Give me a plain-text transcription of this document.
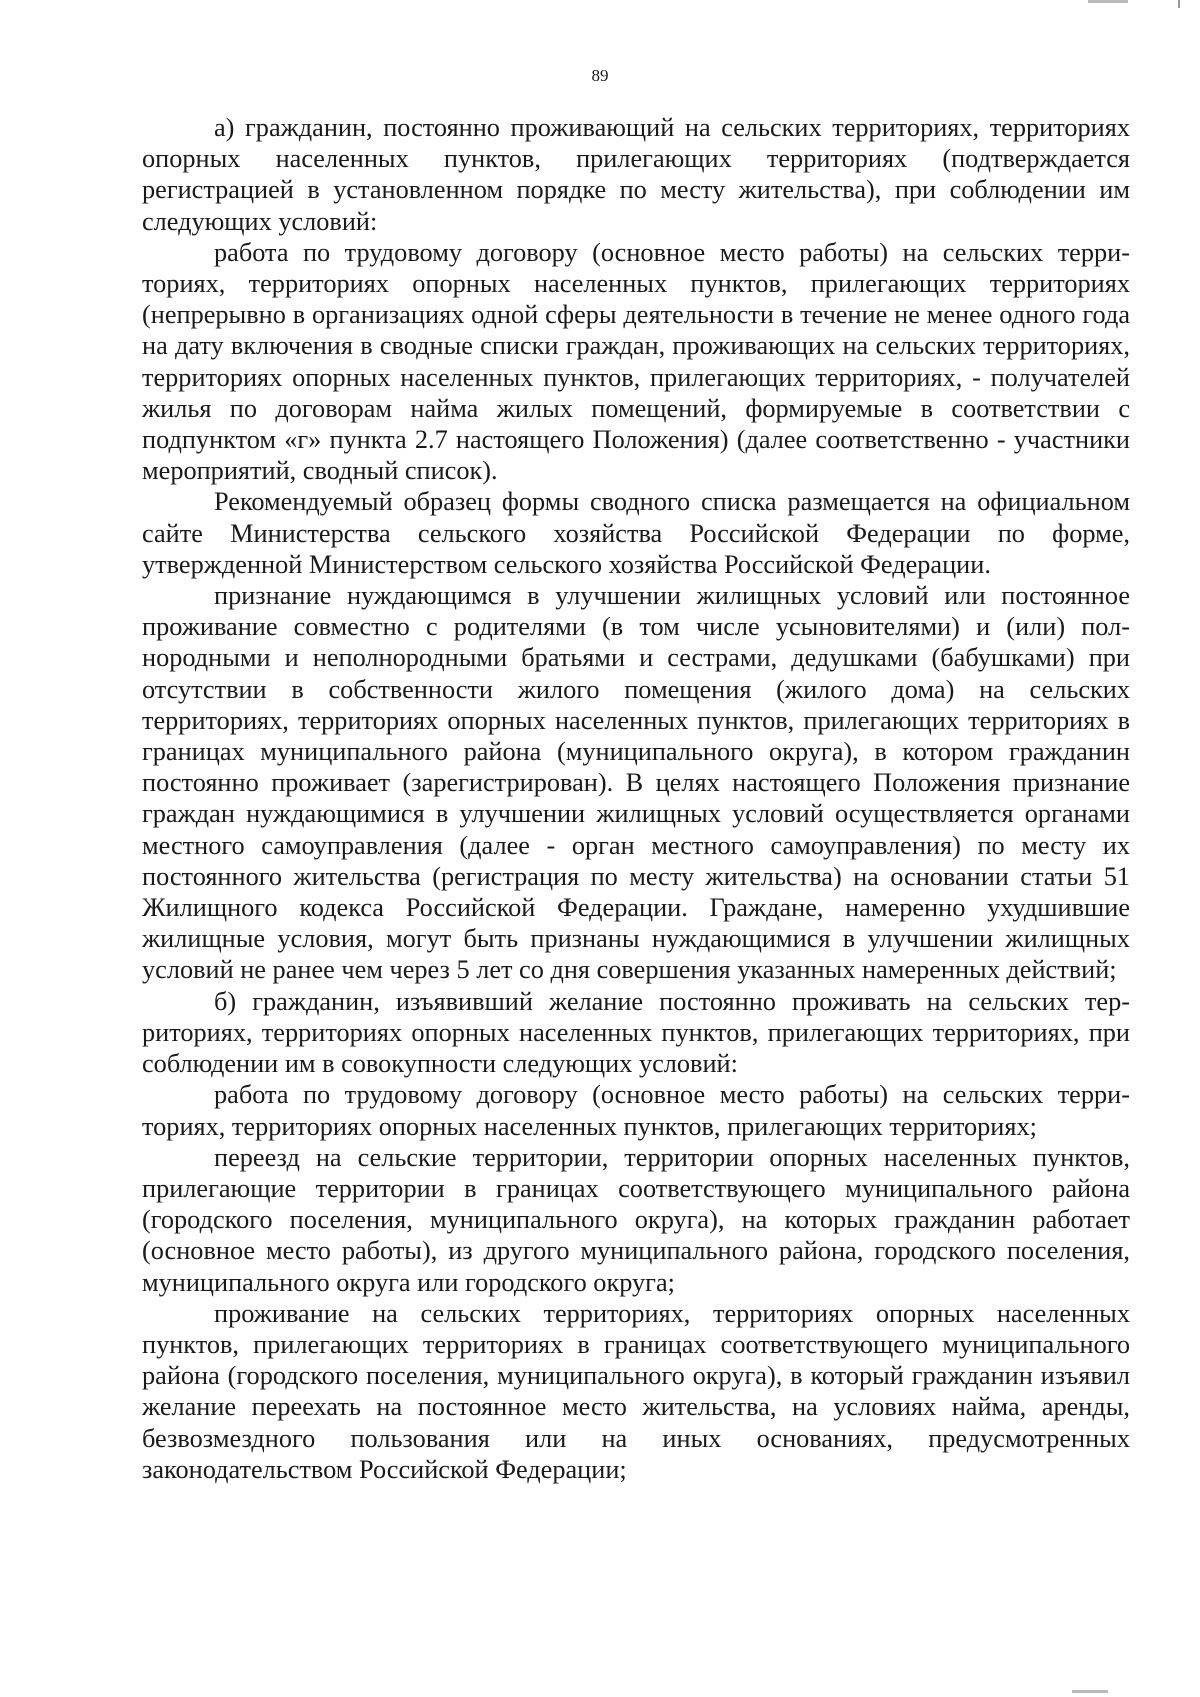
89

а) гражданин, постоянно проживающий на сельских территориях, территориях опорных населенных пунктов, прилегающих территориях (подтверждается регистрацией в установленном порядке по месту жительства), при соблюдении им следующих условий:

работа по трудовому договору (основное место работы) на сельских территориях, территориях опорных населенных пунктов, прилегающих территориях (непрерывно в организациях одной сферы деятельности в течение не менее одного года на дату включения в сводные списки граждан, проживающих на сельских территориях, территориях опорных населенных пунктов, прилегающих территориях, - получателей жилья по договорам найма жилых помещений, формируемые в соответствии с подпунктом «г» пункта 2.7 настоящего Положения) (далее соответственно - участники мероприятий, сводный список).

Рекомендуемый образец формы сводного списка размещается на официальном сайте Министерства сельского хозяйства Российской Федерации по форме, утвержденной Министерством сельского хозяйства Российской Федерации.

признание нуждающимся в улучшении жилищных условий или постоянное проживание совместно с родителями (в том числе усыновителями) и (или) полнородными и неполнородными братьями и сестрами, дедушками (бабушками) при отсутствии в собственности жилого помещения (жилого дома) на сельских территориях, территориях опорных населенных пунктов, прилегающих территориях в границах муниципального района (муниципального округа), в котором гражданин постоянно проживает (зарегистрирован). В целях настоящего Положения признание граждан нуждающимися в улучшении жилищных условий осуществляется органами местного самоуправления (далее - орган местного самоуправления) по месту их постоянного жительства (регистрация по месту жительства) на основании статьи 51 Жилищного кодекса Российской Федерации. Граждане, намеренно ухудшившие жилищные условия, могут быть признаны нуждающимися в улучшении жилищных условий не ранее чем через 5 лет со дня совершения указанных намеренных действий;

б) гражданин, изъявивший желание постоянно проживать на сельских территориях, территориях опорных населенных пунктов, прилегающих территориях, при соблюдении им в совокупности следующих условий:

работа по трудовому договору (основное место работы) на сельских территориях, территориях опорных населенных пунктов, прилегающих территориях;

переезд на сельские территории, территории опорных населенных пунктов, прилегающие территории в границах соответствующего муниципального района (городского поселения, муниципального округа), на которых гражданин работает (основное место работы), из другого муниципального района, городского поселения, муниципального округа или городского округа;

проживание на сельских территориях, территориях опорных населенных пунктов, прилегающих территориях в границах соответствующего муниципального района (городского поселения, муниципального округа), в который гражданин изъявил желание переехать на постоянное место жительства, на условиях найма, аренды, безвозмездного пользования или на иных основаниях, предусмотренных законодательством Российской Федерации;
